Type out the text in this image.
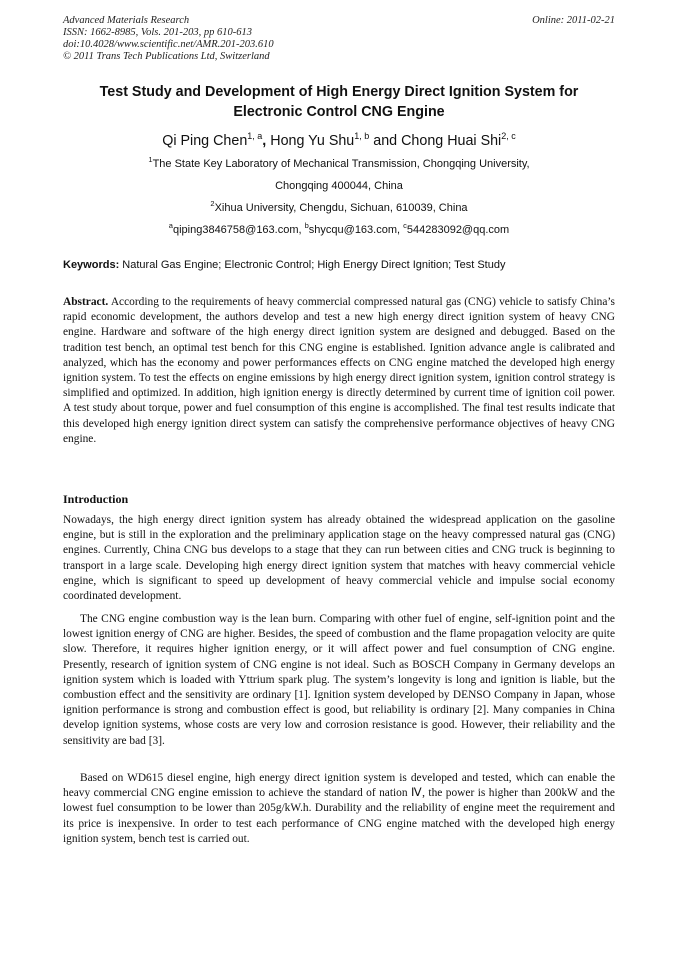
Advanced Materials Research
ISSN: 1662-8985, Vols. 201-203, pp 610-613
doi:10.4028/www.scientific.net/AMR.201-203.610
© 2011 Trans Tech Publications Ltd, Switzerland
Online: 2011-02-21
Test Study and Development of High Energy Direct Ignition System for
Electronic Control CNG Engine
Qi Ping Chen$^{1, a}$, Hong Yu Shu$^{1, b}$ and Chong Huai Shi$^{2, c}$
$^1$The State Key Laboratory of Mechanical Transmission, Chongqing University,
Chongqing 400044, China
$^2$Xihua University, Chengdu, Sichuan, 610039, China
$^a$qiping3846758@163.com, $^b$shycqu@163.com, $^c$544283092@qq.com
Keywords: Natural Gas Engine; Electronic Control; High Energy Direct Ignition; Test Study
Abstract. According to the requirements of heavy commercial compressed natural gas (CNG) vehicle to satisfy China’s rapid economic development, the authors develop and test a new high energy direct ignition system of heavy CNG engine. Hardware and software of the high energy direct ignition system are designed and debugged. Based on the tradition test bench, an optimal test bench for this CNG engine is established. Ignition advance angle is calibrated and analyzed, which has the economy and power performances effects on CNG engine matched the developed high energy ignition system. To test the effects on engine emissions by high energy direct ignition system, ignition control strategy is simplified and optimized. In addition, high ignition energy is directly determined by current time of ignition coil power. A test study about torque, power and fuel consumption of this engine is accomplished. The final test results indicate that this developed high energy ignition direct system can satisfy the comprehensive performance objectives of heavy CNG engine.
Introduction
Nowadays, the high energy direct ignition system has already obtained the widespread application on the gasoline engine, but is still in the exploration and the preliminary application stage on the heavy compressed natural gas (CNG) engines. Currently, China CNG bus develops to a stage that they can run between cities and CNG truck is beginning to transport in a large scale. Developing high energy direct ignition system that matches with heavy commercial vehicle engine, which is significant to speed up development of heavy commercial vehicle and impulse social economy coordinated development.
The CNG engine combustion way is the lean burn. Comparing with other fuel of engine, self-ignition point and the lowest ignition energy of CNG are higher. Besides, the speed of combustion and the flame propagation velocity are quite slow. Therefore, it requires higher ignition energy, or it will affect power and fuel consumption of CNG engine. Presently, research of ignition system of CNG engine is not ideal. Such as BOSCH Company in Germany develops an ignition system which is loaded with Yttrium spark plug. The system’s longevity is long and ignition is liable, but the combustion effect and the sensitivity are ordinary [1]. Ignition system developed by DENSO Company in Japan, whose ignition performance is strong and combustion effect is good, but reliability is ordinary [2]. Many companies in China develop ignition systems, whose costs are very low and corrosion resistance is good. However, their reliability and the sensitivity are bad [3].
Based on WD615 diesel engine, high energy direct ignition system is developed and tested, which can enable the heavy commercial CNG engine emission to achieve the standard of nation Ⅳ, the power is higher than 200kW and the lowest fuel consumption to be lower than 205g/kW.h. Durability and the reliability of engine meet the requirement and its price is inexpensive. In order to test each performance of CNG engine matched with the developed high energy ignition system, bench test is carried out.
